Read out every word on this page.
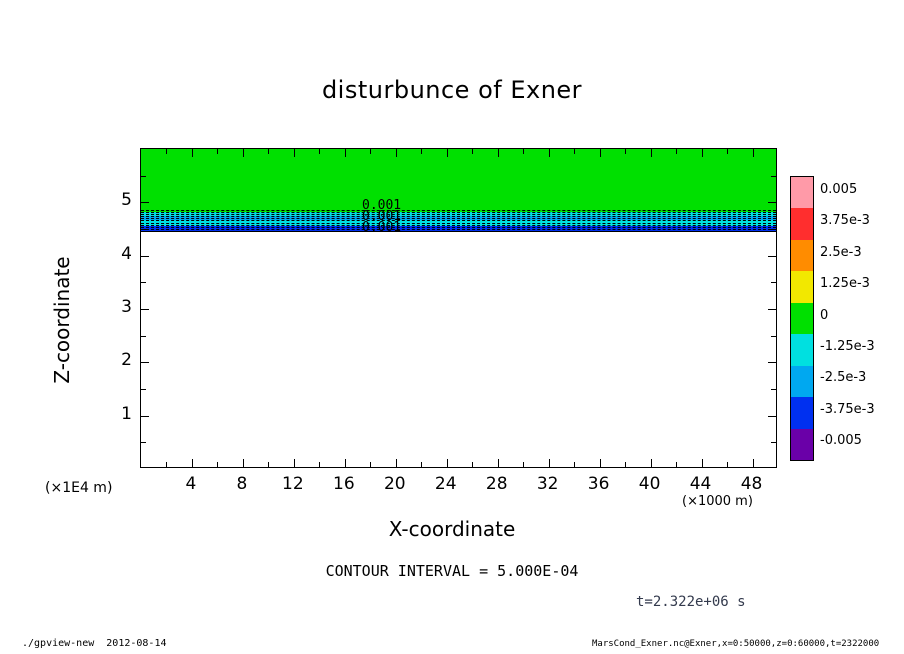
disturbunce of Exner
0.001
0.001
0.001
4	8	12	16	20	24	28	32	36	40	44	48
1
2
3
4
5
Z-coordinate
X-coordinate
(×1000 m)
(×1E4 m)
CONTOUR INTERVAL = 5.000E-04
t=2.322e+06 s
./gpview-new  2012-08-14	MarsCond_Exner.nc@Exner,x=0:50000,z=0:60000,t=2322000
0.005
3.75e-3
2.5e-3
1.25e-3
0
-1.25e-3
-2.5e-3
-3.75e-3
-0.005
